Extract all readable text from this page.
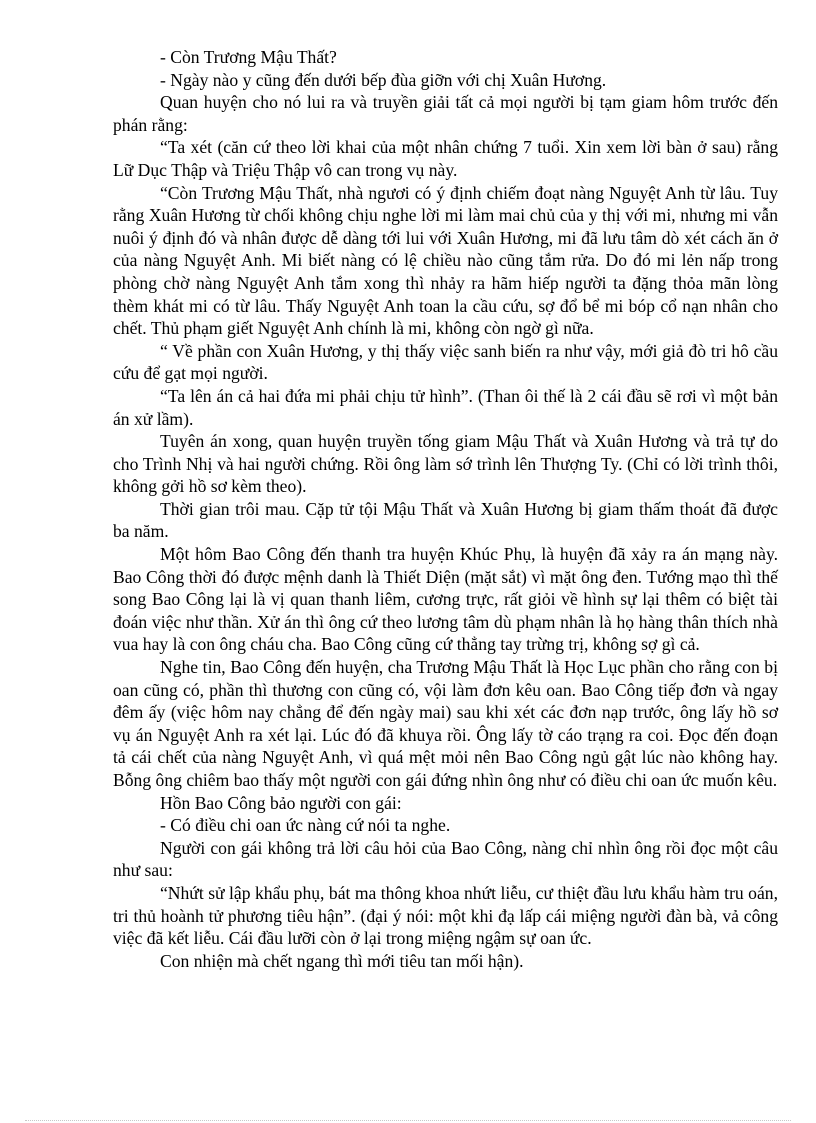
- Còn Trương Mậu Thất?

- Ngày nào y cũng đến dưới bếp đùa giỡn với chị Xuân Hương.

Quan huyện cho nó lui ra và truyền giải tất cả mọi người bị tạm giam hôm trước đến phán rằng:

“Ta xét (căn cứ theo lời khai của một nhân chứng 7 tuổi. Xin xem lời bàn ở sau) rằng Lữ Dục Thập và Triệu Thập vô can trong vụ này.

“Còn Trương Mậu Thất, nhà ngươi có ý định chiếm đoạt nàng Nguyệt Anh từ lâu. Tuy rằng Xuân Hương từ chối không chịu nghe lời mi làm mai chủ của y thị với mi, nhưng mi vẫn nuôi ý định đó và nhân được dễ dàng tới lui với Xuân Hương, mi đã lưu tâm dò xét cách ăn ở của nàng Nguyệt Anh. Mi biết nàng có lệ chiều nào cũng tắm rửa. Do đó mi lẻn nấp trong phòng chờ nàng Nguyệt Anh tắm xong thì nhảy ra hãm hiếp người ta đặng thỏa mãn lòng thèm khát mi có từ lâu. Thấy Nguyệt Anh toan la cầu cứu, sợ đổ bể mi bóp cổ nạn nhân cho chết. Thủ phạm giết Nguyệt Anh chính là mi, không còn ngờ gì nữa.

“ Về phần con Xuân Hương, y thị thấy việc sanh biến ra như vậy, mới giả đò tri hô cầu cứu để gạt mọi người.

“Ta lên án cả hai đứa mi phải chịu tử hình”. (Than ôi thế là 2 cái đầu sẽ rơi vì một bản án xử lầm).

Tuyên án xong, quan huyện truyền tống giam Mậu Thất và Xuân Hương và trả tự do cho Trình Nhị và hai người chứng. Rồi ông làm sớ trình lên Thượng Ty. (Chỉ có lời trình thôi, không gởi hồ sơ kèm theo).

Thời gian trôi mau. Cặp tử tội Mậu Thất và Xuân Hương bị giam thấm thoát đã được ba năm.

Một hôm Bao Công đến thanh tra huyện Khúc Phụ, là huyện đã xảy ra án mạng này. Bao Công thời đó được mệnh danh là Thiết Diện (mặt sắt) vì mặt ông đen. Tướng mạo thì thế song Bao Công lại là vị quan thanh liêm, cương trực, rất giỏi về hình sự lại thêm có biệt tài đoán việc như thần. Xử án thì ông cứ theo lương tâm dù phạm nhân là họ hàng thân thích nhà vua hay là con ông cháu cha. Bao Công cũng cứ thẳng tay trừng trị, không sợ gì cả.

Nghe tin, Bao Công đến huyện, cha Trương Mậu Thất là Học Lục phần cho rằng con bị oan cũng có, phần thì thương con cũng có, vội làm đơn kêu oan. Bao Công tiếp đơn và ngay đêm ấy (việc hôm nay chẳng để đến ngày mai) sau khi xét các đơn nạp trước, ông lấy hồ sơ vụ án Nguyệt Anh ra xét lại. Lúc đó đã khuya rồi. Ông lấy tờ cáo trạng ra coi. Đọc đến đoạn tả cái chết của nàng Nguyệt Anh, vì quá mệt mỏi nên Bao Công ngủ gật lúc nào không hay. Bỗng ông chiêm bao thấy một người con gái đứng nhìn ông như có điều chi oan ức muốn kêu.

Hồn Bao Công bảo người con gái:

- Có điều chi oan ức nàng cứ nói ta nghe.

Người con gái không trả lời câu hỏi của Bao Công, nàng chỉ nhìn ông rồi đọc một câu như sau:

“Nhứt sử lập khẩu phụ, bát ma thông khoa nhứt liễu, cư thiệt đầu lưu khẩu hàm tru oán, tri thủ hoành tử phương tiêu hận”. (đại ý nói: một khi đạ lấp cái miệng người đàn bà, vả công việc đã kết liễu. Cái đầu lưỡi còn ở lại trong miệng ngậm sự oan ức.

Con nhiện mà chết ngang thì mới tiêu tan mối hận).
